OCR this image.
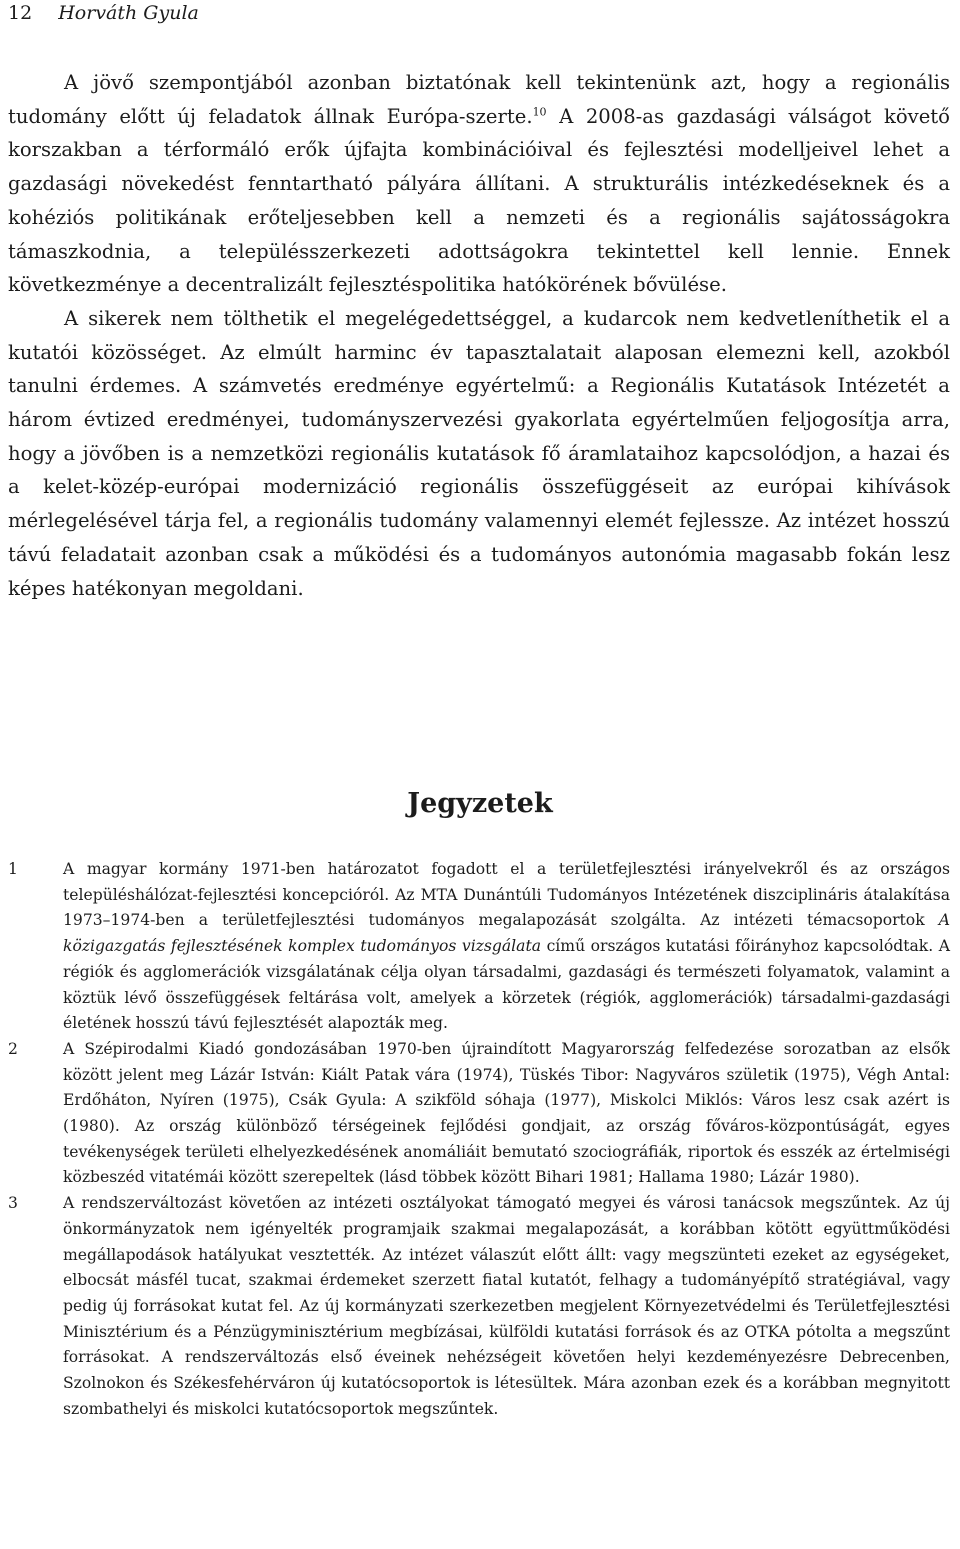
12 Horváth Gyula

A jövő szempontjából azonban biztatónak kell tekintenünk azt, hogy a regionális tudomány előtt új feladatok állnak Európa-szerte.$^{10}$ A 2008-as gazdasági válságot követő korszakban a térformáló erők újfajta kombinációival és fejlesztési modelljeivel lehet a gazdasági növekedést fenntartható pályára állítani. A strukturális intézkedéseknek és a kohéziós politikának erőteljesebben kell a nemzeti és a regionális sajátosságokra támaszkodnia, a településszerkezeti adottságokra tekintettel kell lennie. Ennek következménye a decentralizált fejlesztéspolitika hatókörének bővülése.

A sikerek nem tölthetik el megelégedettséggel, a kudarcok nem kedvetleníthetik el a kutatói közösséget. Az elmúlt harminc év tapasztalatait alaposan elemezni kell, azokból tanulni érdemes. A számvetés eredménye egyértelmű: a Regionális Kutatások Intézetét a három évtized eredményei, tudományszervezési gyakorlata egyértelműen feljogosítja arra, hogy a jövőben is a nemzetközi regionális kutatások fő áramlataihoz kapcsolódjon, a hazai és a kelet-közép-európai modernizáció regionális összefüggéseit az európai kihívások mérlegelésével tárja fel, a regionális tudomány valamennyi elemét fejlessze. Az intézet hosszú távú feladatait azonban csak a működési és a tudományos autonómia magasabb fokán lesz képes hatékonyan megoldani.

Jegyzetek
1	A magyar kormány 1971-ben határozatot fogadott el a területfejlesztési irányelvekről és az országos településhálózat-fejlesztési koncepcióról. Az MTA Dunántúli Tudományos Intézetének diszciplináris átalakítása 1973–1974-ben a területfejlesztési tudományos megalapozását szolgálta. Az intézeti témacsoportok A közigazgatás fejlesztésének komplex tudományos vizsgálata című országos kutatási főirányhoz kapcsolódtak. A régiók és agglomerációk vizsgálatának célja olyan társadalmi, gazdasági és természeti folyamatok, valamint a köztük lévő összefüggések feltárása volt, amelyek a körzetek (régiók, agglomerációk) társadalmi-gazdasági életének hosszú távú fejlesztését alapozták meg.
2	A Szépirodalmi Kiadó gondozásában 1970-ben újraindított Magyarország felfedezése sorozatban az elsők között jelent meg Lázár István: Kiált Patak vára (1974), Tüskés Tibor: Nagyváros születik (1975), Végh Antal: Erdőháton, Nyíren (1975), Csák Gyula: A szikföld sóhaja (1977), Miskolci Miklós: Város lesz csak azért is (1980). Az ország különböző térségeinek fejlődési gondjait, az ország főváros-központúságát, egyes tevékenységek területi elhelyezkedésének anomáliáit bemutató szociográfiák, riportok és esszék az értelmiségi közbeszéd vitatémái között szerepeltek (lásd többek között Bihari 1981; Hallama 1980; Lázár 1980).
3	A rendszerváltozást követően az intézeti osztályokat támogató megyei és városi tanácsok megszűntek. Az új önkormányzatok nem igényelték programjaik szakmai megalapozását, a korábban kötött együttműködési megállapodások hatályukat vesztették. Az intézet válaszút előtt állt: vagy megszünteti ezeket az egységeket, elbocsát másfél tucat, szakmai érdemeket szerzett fiatal kutatót, felhagy a tudományépítő stratégiával, vagy pedig új forrásokat kutat fel. Az új kormányzati szerkezetben megjelent Környezetvédelmi és Területfejlesztési Minisztérium és a Pénzügyminisztérium megbízásai, külföldi kutatási források és az OTKA pótolta a megszűnt forrásokat. A rendszerváltozás első éveinek nehézségeit követően helyi kezdeményezésre Debrecenben, Szolnokon és Székesfehérváron új kutatócsoportok is létesültek. Mára azonban ezek és a korábban megnyitott szombathelyi és miskolci kutatócsoportok megszűntek.
